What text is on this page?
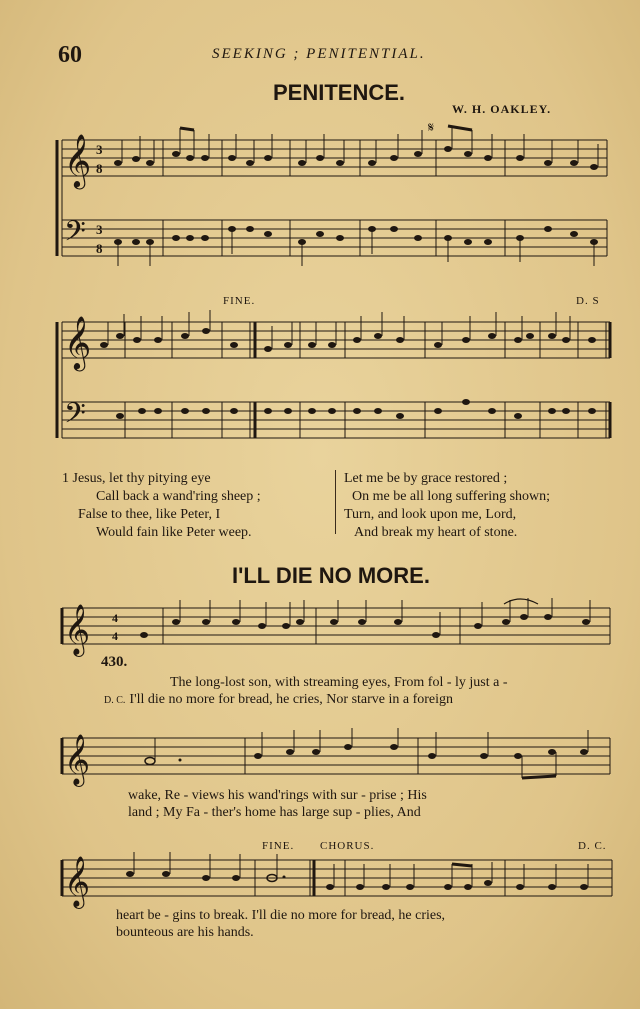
60	SEEKING ; PENITENTIAL.
PENITENCE.
W. H. OAKLEY.
𝄞
𝄢
3
8
3
8
𝄋
FINE.	D. S
𝄞
𝄢
1 Jesus, let thy pitying eye
Call back a wand'ring sheep ;
False to thee, like Peter, I
Would fain like Peter weep.
Let me be by grace restored ;
On me be all long suffering shown;
Turn, and look upon me, Lord,
And break my heart of stone.
I'LL DIE NO MORE.
𝄞 4
4
430.
The long-lost son, with streaming eyes, From fol - ly just a -
D. C. I'll die no more for bread, he cries, Nor starve in a foreign
𝄞
wake, Re - views his wand'rings with sur - prise ; His
land ; My Fa - ther's home has large sup - plies, And
FINE. CHORUS.	D. C.
𝄞
heart be - gins to break. I'll die no more for bread, he cries,
bounteous are his hands.
